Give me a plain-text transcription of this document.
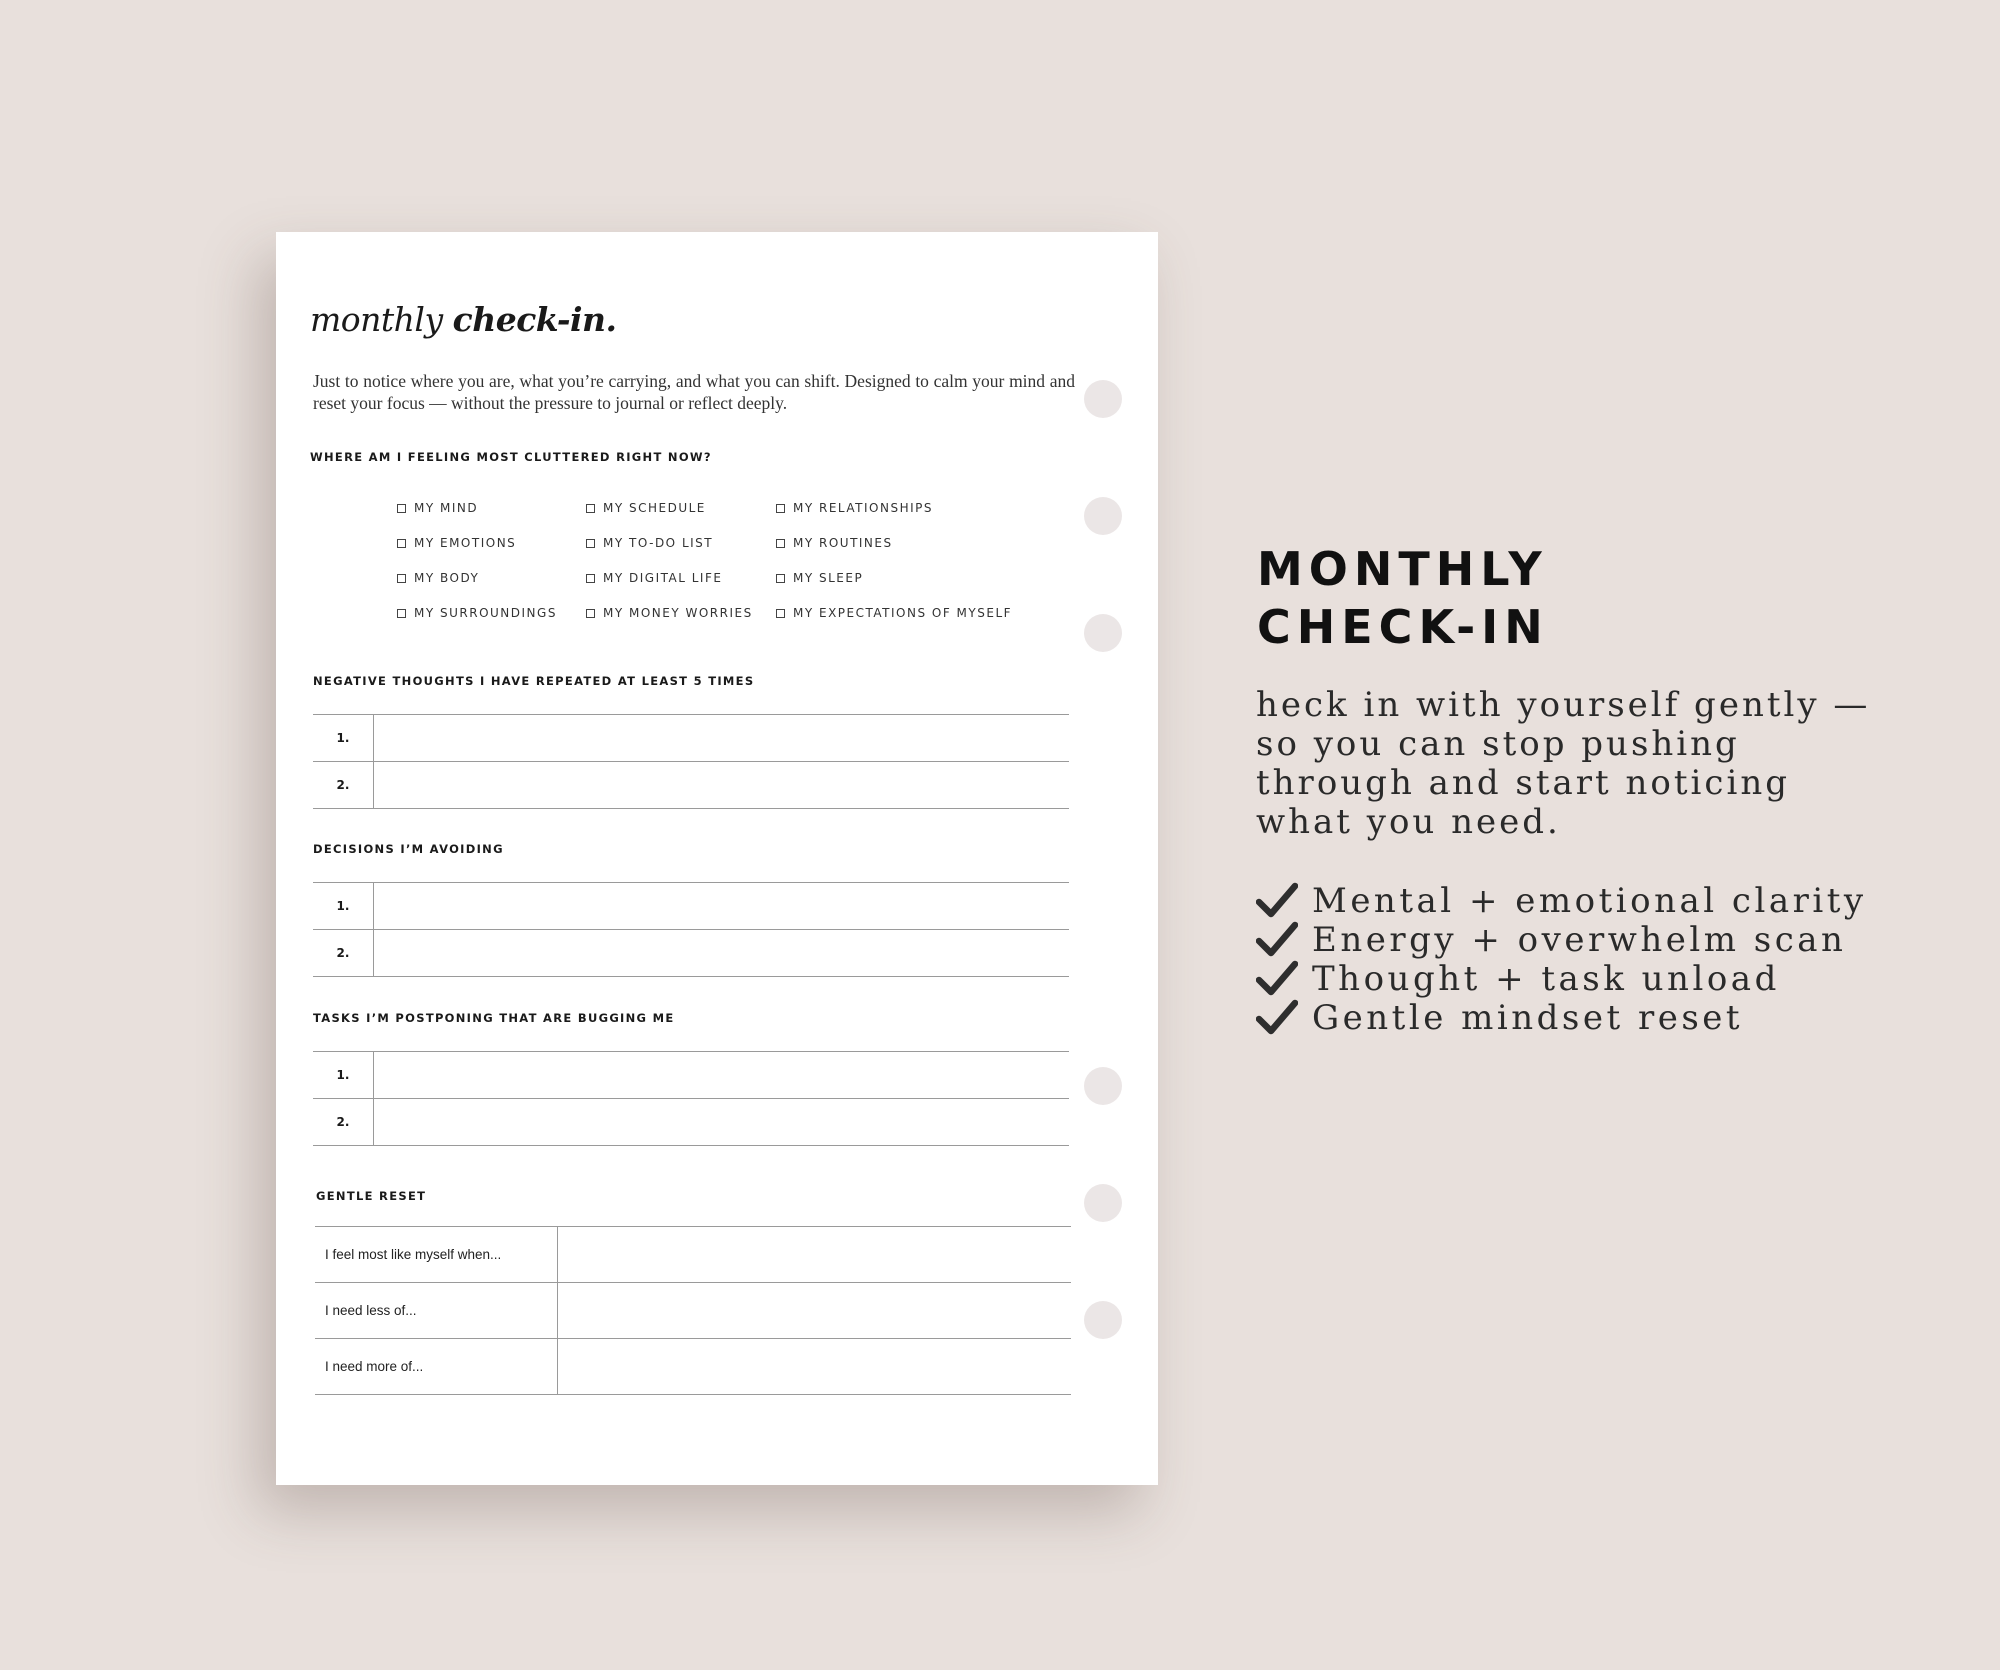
monthly check-in.

Just to notice where you are, what you’re carrying, and what you can shift. Designed to calm your mind and reset your focus — without the pressure to journal or reflect deeply.

WHERE AM I FEELING MOST CLUTTERED RIGHT NOW?
MY MIND	MY SCHEDULE	MY RELATIONSHIPS
MY EMOTIONS	MY TO-DO LIST	MY ROUTINES
MY BODY	MY DIGITAL LIFE	MY SLEEP
MY SURROUNDINGS	MY MONEY WORRIES	MY EXPECTATIONS OF MYSELF
NEGATIVE THOUGHTS I HAVE REPEATED AT LEAST 5 TIMES
1.	
2.	
DECISIONS I’M AVOIDING
1.	
2.	
TASKS I’M POSTPONING THAT ARE BUGGING ME
1.	
2.	
GENTLE RESET
I feel most like myself when...	
I need less of...	
I need more of...	
MONTHLY
CHECK-IN

heck in with yourself gently — so you can stop pushing through and start noticing what you need.

Mental + emotional clarity
Energy + overwhelm scan
Thought + task unload
Gentle mindset reset
